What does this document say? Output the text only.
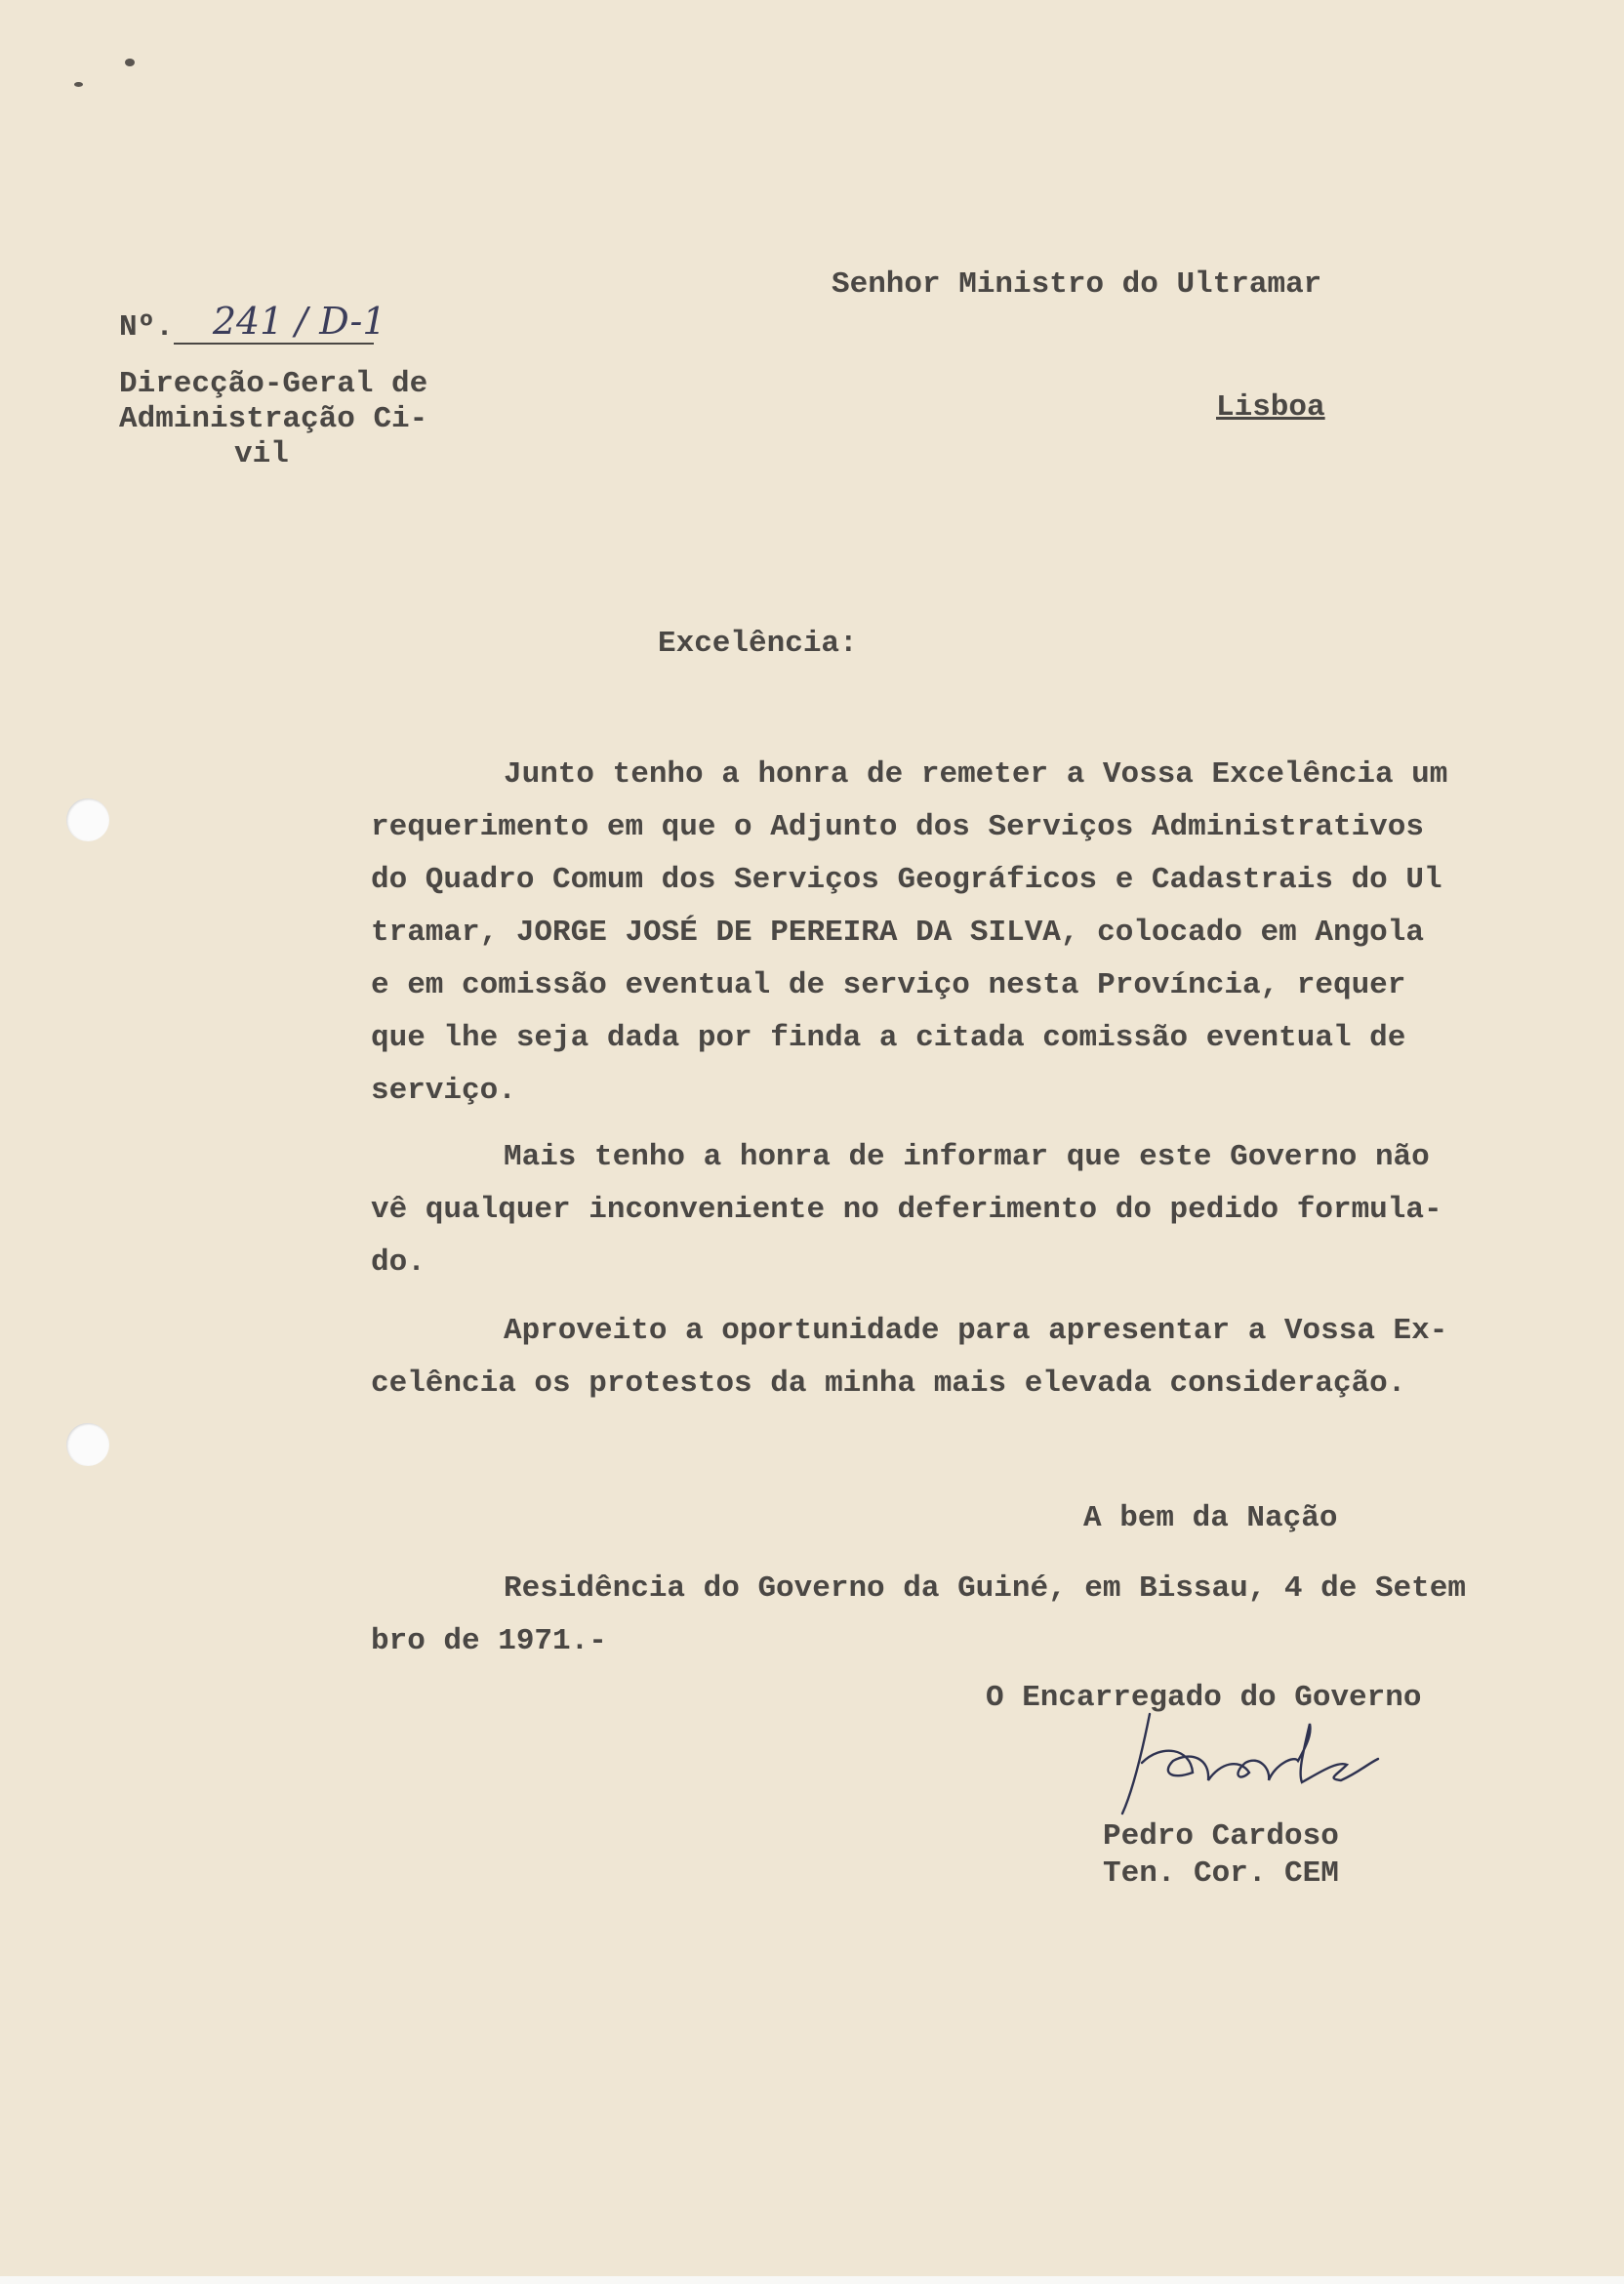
Nº. 241 / D-1
Direcção-Geral de
Administração Ci-
vil
Senhor Ministro do Ultramar
Lisboa
Excelência:
Junto tenho a honra de remeter a Vossa Excelência um
requerimento em que o Adjunto dos Serviços Administrativos
do Quadro Comum dos Serviços Geográficos e Cadastrais do Ul
tramar, JORGE JOSÉ DE PEREIRA DA SILVA, colocado em Angola
e em comissão eventual de serviço nesta Província, requer
que lhe seja dada por finda a citada comissão eventual de
serviço.
Mais tenho a honra de informar que este Governo não
vê qualquer inconveniente no deferimento do pedido formula-
do.
Aproveito a oportunidade para apresentar a Vossa Ex-
celência os protestos da minha mais elevada consideração.
A bem da Nação
Residência do Governo da Guiné, em Bissau, 4 de Setem
bro de 1971.-
O Encarregado do Governo
Pedro Cardoso
Ten. Cor. CEM
